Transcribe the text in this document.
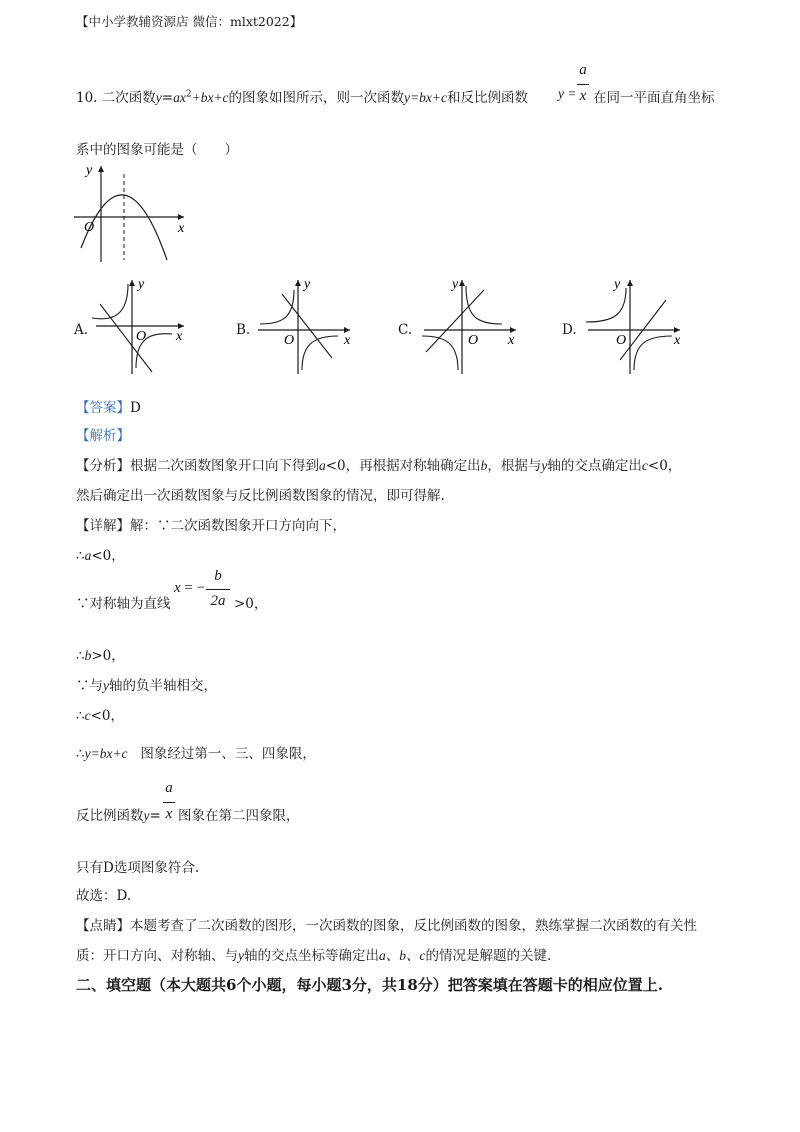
【中小学教辅资源店 微信：mlxt2022】
10. 二次函数$y=ax^2+bx+c$的图象如图所示，则一次函数y=bx+c和反比例函数 y =
a
x 在同一平面直角坐标
系中的图象可能是（　　）
y
x
O
A.
y
x
O	B.
y
x
O
C.
y
x
O
D.
y
x
O
【答案】D
【解析】
【分析】根据二次函数图象开口向下得到a<0，再根据对称轴确定出b，根据与y轴的交点确定出c<0，
然后确定出一次函数图象与反比例函数图象的情况，即可得解.
【详解】解：∵二次函数图象开口方向向下，
∴a<0，
∵对称轴为直线
x = −
b
2a >0，
∴b>0，
∵与y轴的负半轴相交，
∴c<0，
∴y=bx+c 图象经过第一、三、四象限，
反比例函数y=
a
x 图象在第二四象限，
只有D选项图象符合.
故选：D.
【点睛】本题考查了二次函数的图形，一次函数的图象，反比例函数的图象，熟练掌握二次函数的有关性
质：开口方向、对称轴、与y轴的交点坐标等确定出a、b、c的情况是解题的关键.
二、填空题（本大题共6个小题，每小题3分，共18分）把答案填在答题卡的相应位置上.
